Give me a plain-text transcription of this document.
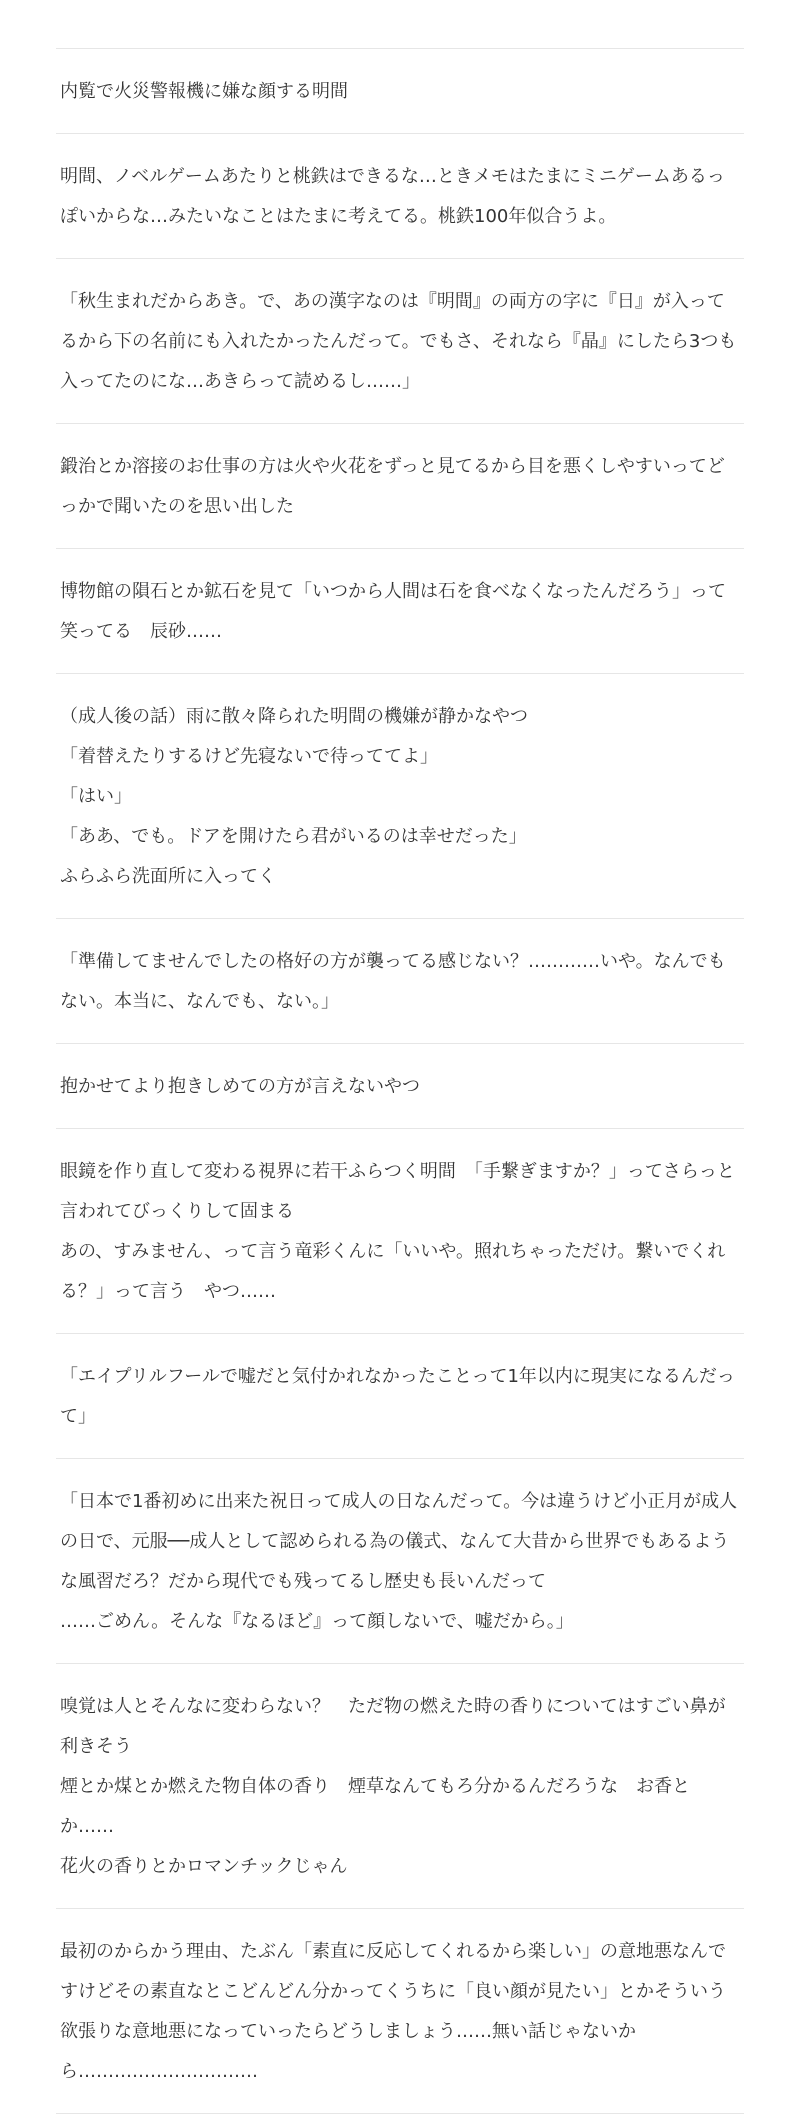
内覧で火災警報機に嫌な顔する明間

明間、ノベルゲームあたりと桃鉄はできるな…ときメモはたまにミニゲームあるっぽいからな…みたいなことはたまに考えてる。桃鉄100年似合うよ。

「秋生まれだからあき。で、あの漢字なのは『明間』の両方の字に『日』が入ってるから下の名前にも入れたかったんだって。でもさ、それなら『晶』にしたら3つも入ってたのにな…あきらって読めるし……」

鍛治とか溶接のお仕事の方は火や火花をずっと見てるから目を悪くしやすいってどっかで聞いたのを思い出した

博物館の隕石とか鉱石を見て「いつから人間は石を食べなくなったんだろう」って笑ってる　辰砂……

（成人後の話）雨に散々降られた明間の機嫌が静かなやつ

「着替えたりするけど先寝ないで待っててよ」

「はい」

「ああ、でも。ドアを開けたら君がいるのは幸せだった」

ふらふら洗面所に入ってく

「準備してませんでしたの格好の方が襲ってる感じない？…………いや。なんでもない。本当に、なんでも、ない。」

抱かせてより抱きしめての方が言えないやつ

眼鏡を作り直して変わる視界に若干ふらつく明間　「手繋ぎますか？」ってさらっと言われてびっくりして固まる

あの、すみません、って言う竜彩くんに「いいや。照れちゃっただけ。繋いでくれる？」って言う　やつ……

「エイプリルフールで嘘だと気付かれなかったことって1年以内に現実になるんだって」

「日本で1番初めに出来た祝日って成人の日なんだって。今は違うけど小正月が成人の日で、元服──成人として認められる為の儀式、なんて大昔から世界でもあるような風習だろ？だから現代でも残ってるし歴史も長いんだって

……ごめん。そんな『なるほど』って顔しないで、嘘だから。」

嗅覚は人とそんなに変わらない？　ただ物の燃えた時の香りについてはすごい鼻が利きそう

煙とか煤とか燃えた物自体の香り　煙草なんてもろ分かるんだろうな　お香とか……

花火の香りとかロマンチックじゃん

最初のからかう理由、たぶん「素直に反応してくれるから楽しい」の意地悪なんですけどその素直なとこどんどん分かってくうちに「良い顔が見たい」とかそういう欲張りな意地悪になっていったらどうしましょう……無い話じゃないから…………………………
